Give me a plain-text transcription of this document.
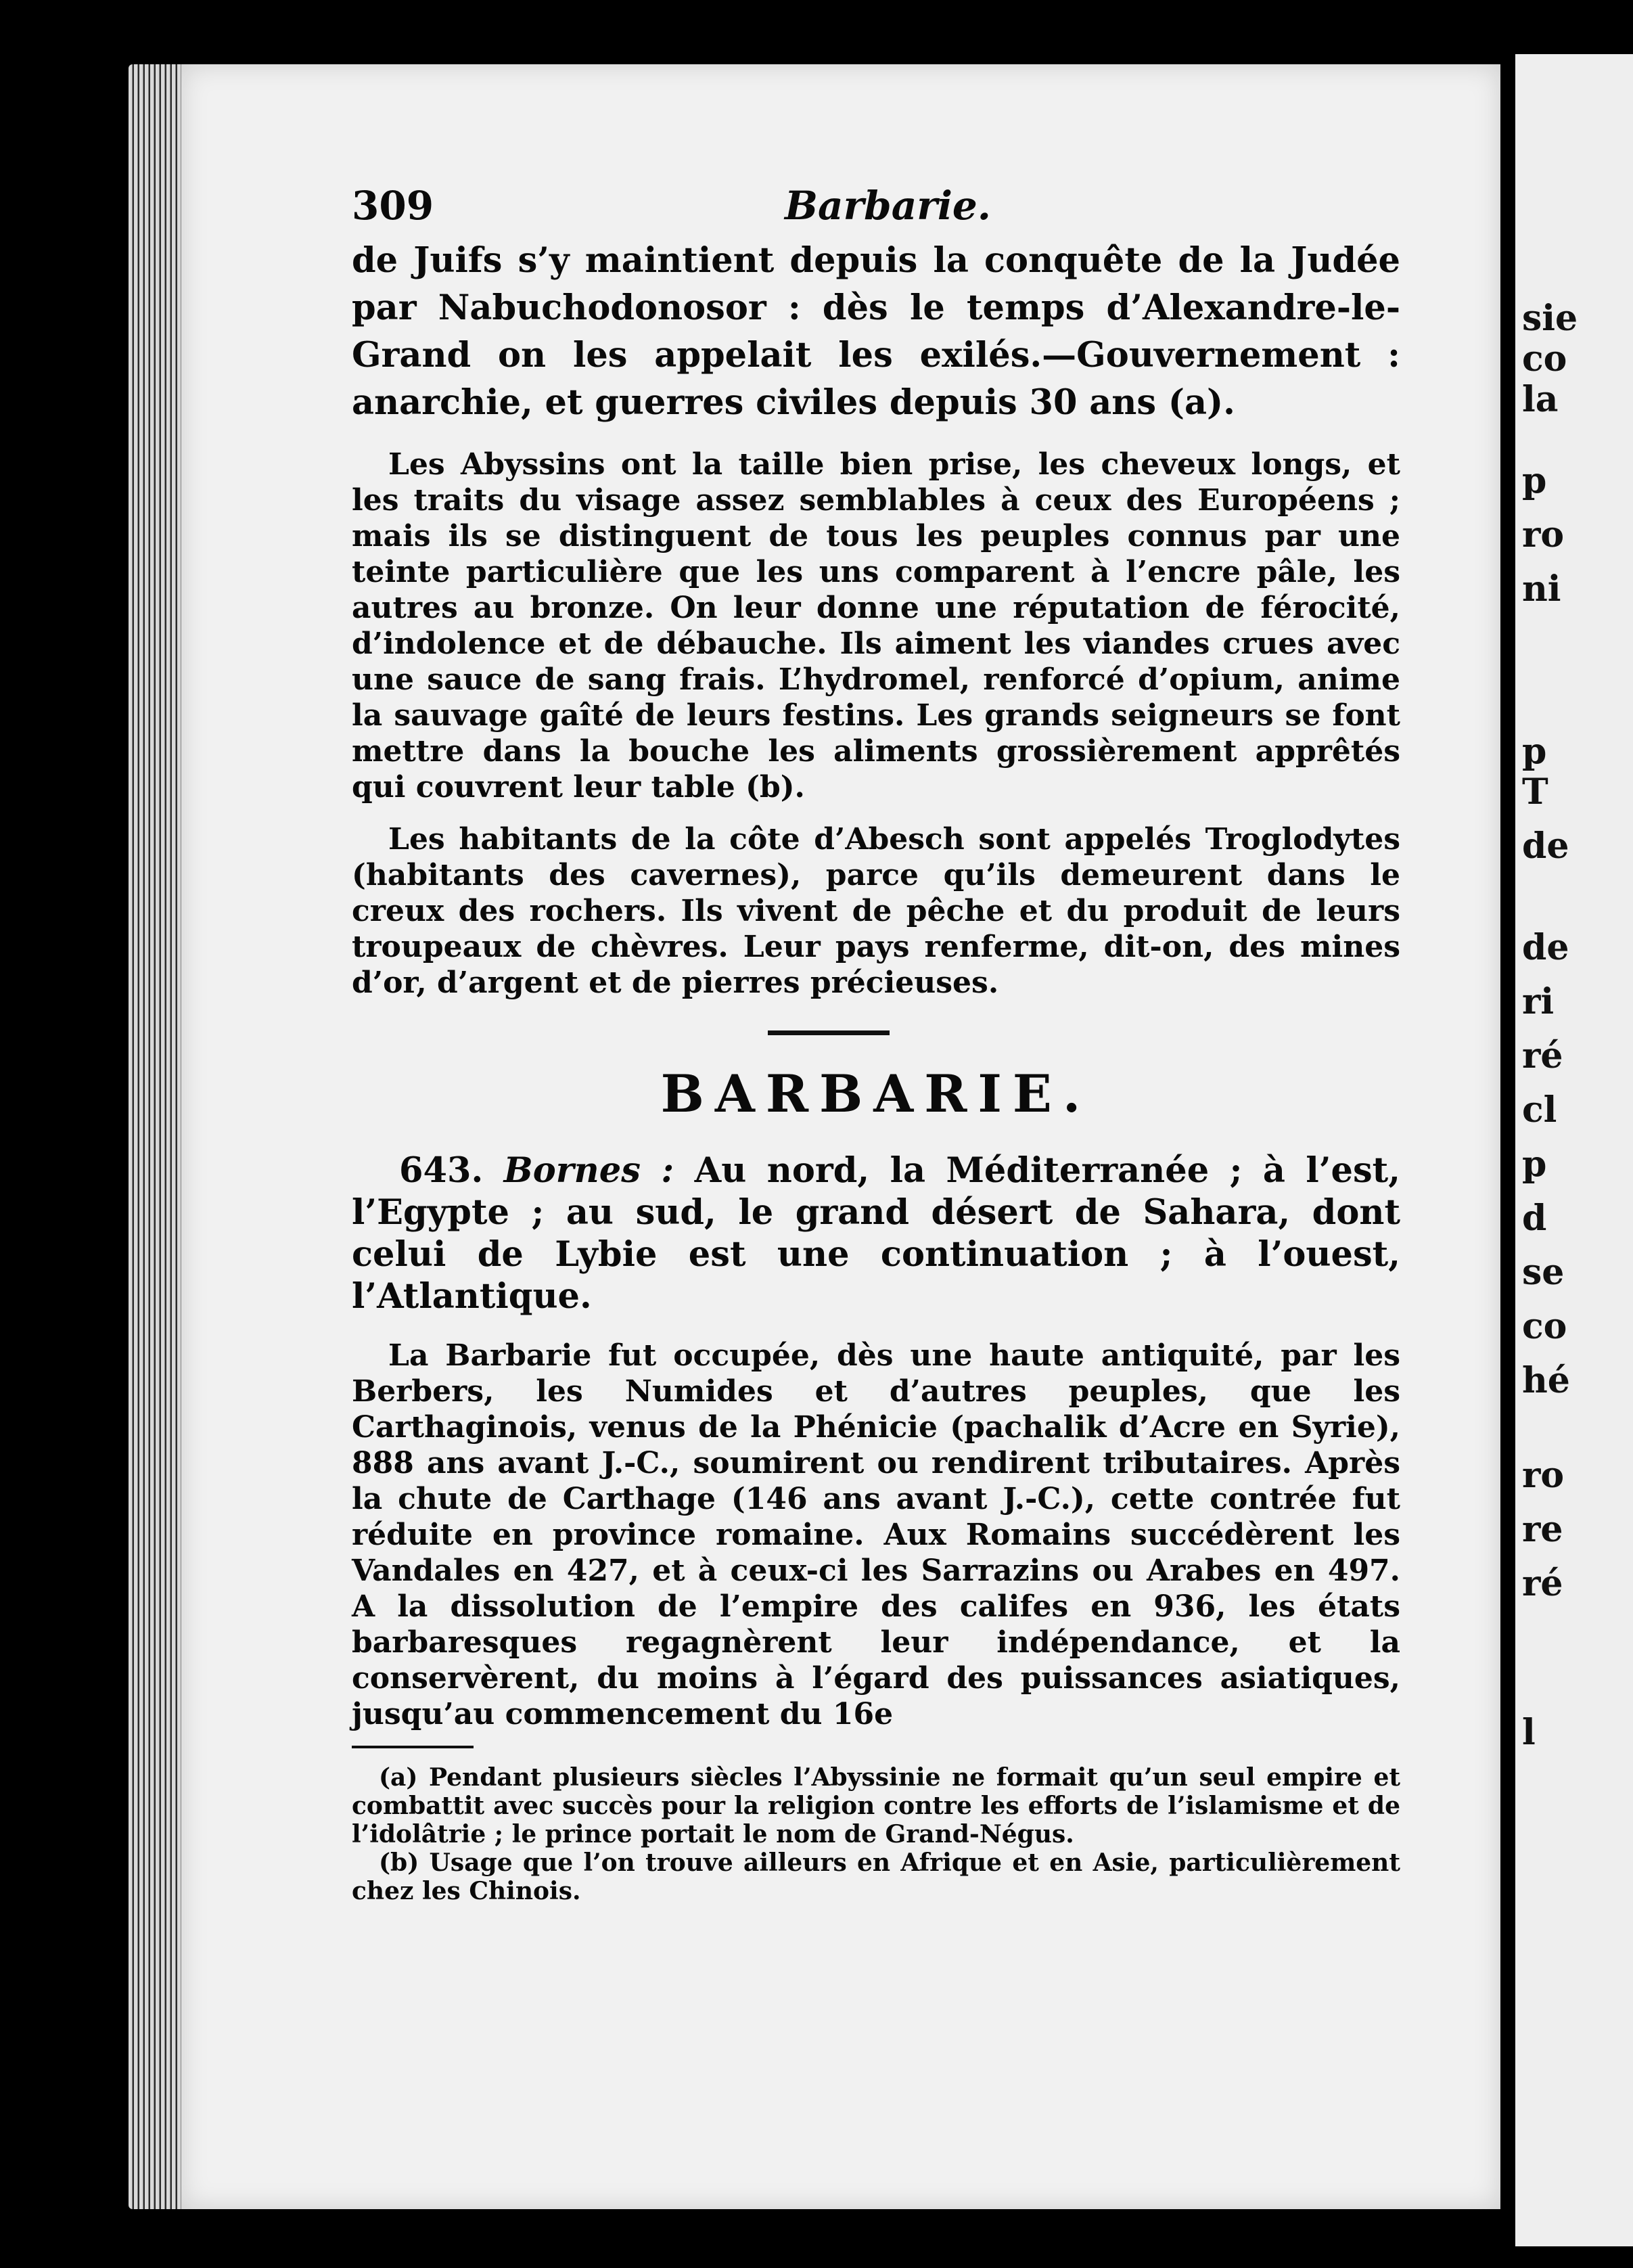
sie
co
la
p
ro
ni
p
T
de
de
ri
ré
cl
p
d
se
co
hé
ro
re
ré
l
309	Barbarie.

de Juifs s’y maintient depuis la conquête de la Judée par Nabuchodonosor : dès le temps d’Alexandre-le-Grand on les appelait les exilés.—Gouvernement : anarchie, et guerres civiles depuis 30 ans (a).

Les Abyssins ont la taille bien prise, les cheveux longs, et les traits du visage assez semblables à ceux des Européens ; mais ils se distinguent de tous les peuples connus par une teinte particulière que les uns comparent à l’encre pâle, les autres au bronze. On leur donne une réputation de férocité, d’indolence et de débauche. Ils aiment les viandes crues avec une sauce de sang frais. L’hydromel, renforcé d’opium, anime la sauvage gaîté de leurs festins. Les grands seigneurs se font mettre dans la bouche les aliments grossièrement apprêtés qui couvrent leur table (b).

Les habitants de la côte d’Abesch sont appelés Troglodytes (habitants des cavernes), parce qu’ils demeurent dans le creux des rochers. Ils vivent de pêche et du produit de leurs troupeaux de chèvres. Leur pays renferme, dit-on, des mines d’or, d’argent et de pierres précieuses.

BARBARIE.

643. Bornes : Au nord, la Méditerranée ; à l’est, l’Egypte ; au sud, le grand désert de Sahara, dont celui de Lybie est une continuation ; à l’ouest, l’Atlantique.

La Barbarie fut occupée, dès une haute antiquité, par les Berbers, les Numides et d’autres peuples, que les Carthaginois, venus de la Phénicie (pachalik d’Acre en Syrie), 888 ans avant J.-C., soumirent ou rendirent tributaires. Après la chute de Carthage (146 ans avant J.-C.), cette contrée fut réduite en province romaine. Aux Romains succédèrent les Vandales en 427, et à ceux-ci les Sarrazins ou Arabes en 497. A la dissolution de l’empire des califes en 936, les états barbaresques regagnèrent leur indépendance, et la conservèrent, du moins à l’égard des puissances asiatiques, jusqu’au commencement du 16e

(a) Pendant plusieurs siècles l’Abyssinie ne formait qu’un seul empire et combattit avec succès pour la religion contre les efforts de l’islamisme et de l’idolâtrie ; le prince portait le nom de Grand-Négus.

(b) Usage que l’on trouve ailleurs en Afrique et en Asie, particulièrement chez les Chinois.
